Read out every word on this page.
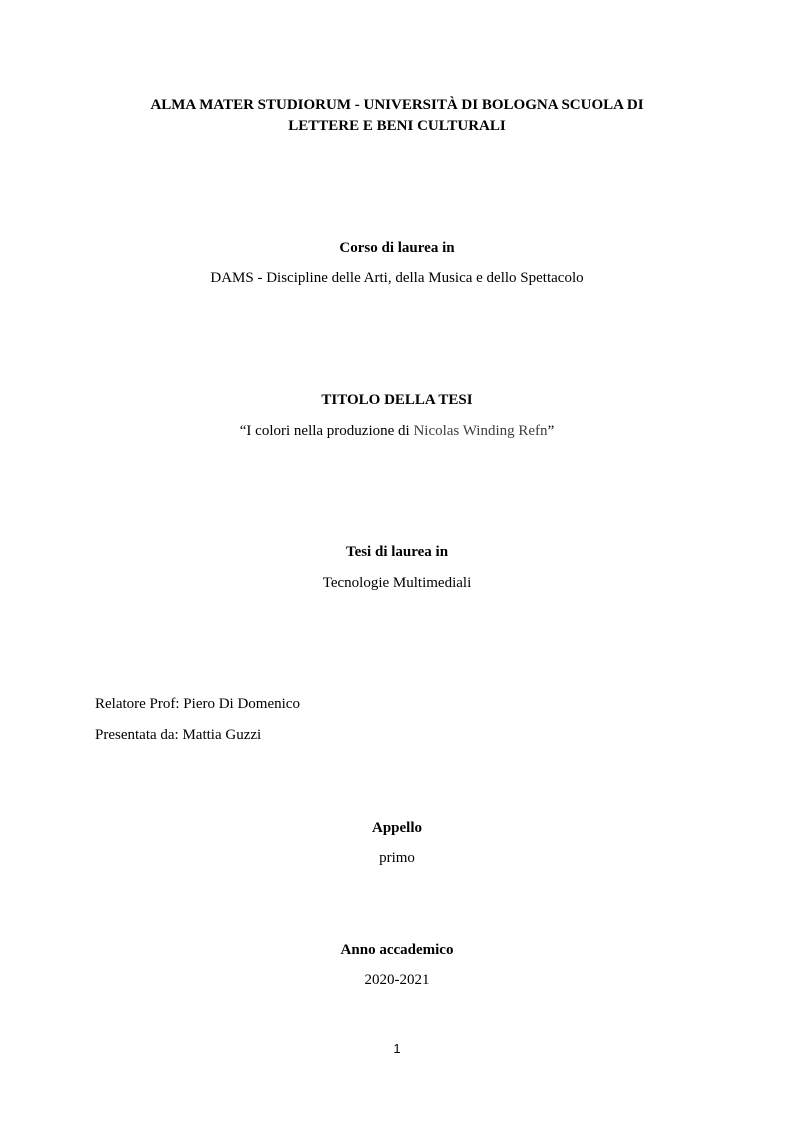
ALMA MATER STUDIORUM - UNIVERSITÀ DI BOLOGNA SCUOLA DI
LETTERE E BENI CULTURALI
Corso di laurea in
DAMS - Discipline delle Arti, della Musica e dello Spettacolo
TITOLO DELLA TESI
“I colori nella produzione di Nicolas Winding Refn”
Tesi di laurea in
Tecnologie Multimediali
Relatore Prof: Piero Di Domenico
Presentata da: Mattia Guzzi
Appello
primo
Anno accademico
2020-2021
1
